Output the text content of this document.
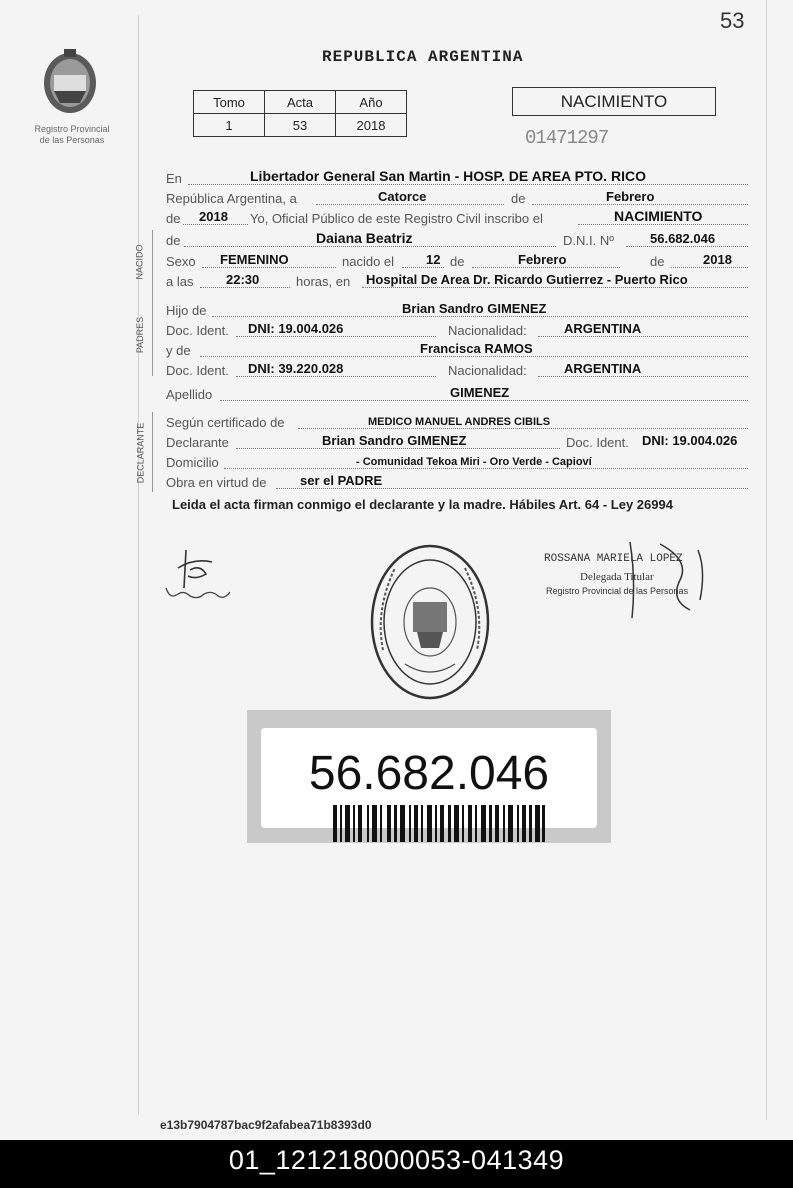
53
Registro Provincial
de las Personas
REPUBLICA ARGENTINA
Tomo	Acta	Año
1	53	2018
NACIMIENTO
01471297
En	Libertador General San Martin - HOSP. DE AREA PTO. RICO
República Argentina, a	Catorce	de	Febrero
de 2018 Yo, Oficial Público de este Registro Civil inscribo el	NACIMIENTO
NACIDO
de	Daiana Beatriz	D.N.I. Nº	56.682.046
Sexo FEMENINO	nacido el 12 de	Febrero	de	2018
a las	22:30	horas, en Hospital De Area Dr. Ricardo Gutierrez - Puerto Rico
PADRES
Hijo de	Brian Sandro GIMENEZ
Doc. Ident. DNI: 19.004.026	Nacionalidad:	ARGENTINA
y de	Francisca RAMOS
Doc. Ident. DNI: 39.220.028	Nacionalidad:	ARGENTINA
Apellido	GIMENEZ
DECLARANTE
Según certificado de	MEDICO MANUEL ANDRES CIBILS
Declarante	Brian Sandro GIMENEZ	Doc. Ident. DNI: 19.004.026
Domicilio	- Comunidad Tekoa Miri - Oro Verde - Capioví
Obra en virtud de	ser el PADRE
Leida el acta firman conmigo el declarante y la madre. Hábiles Art. 64 - Ley 26994
ROSSANA MARIELA LOPEZ
Delegada Titular
Registro Provincial de las Personas
56.682.046
e13b7904787bac9f2afabea71b8393d0
01_121218000053-041349
